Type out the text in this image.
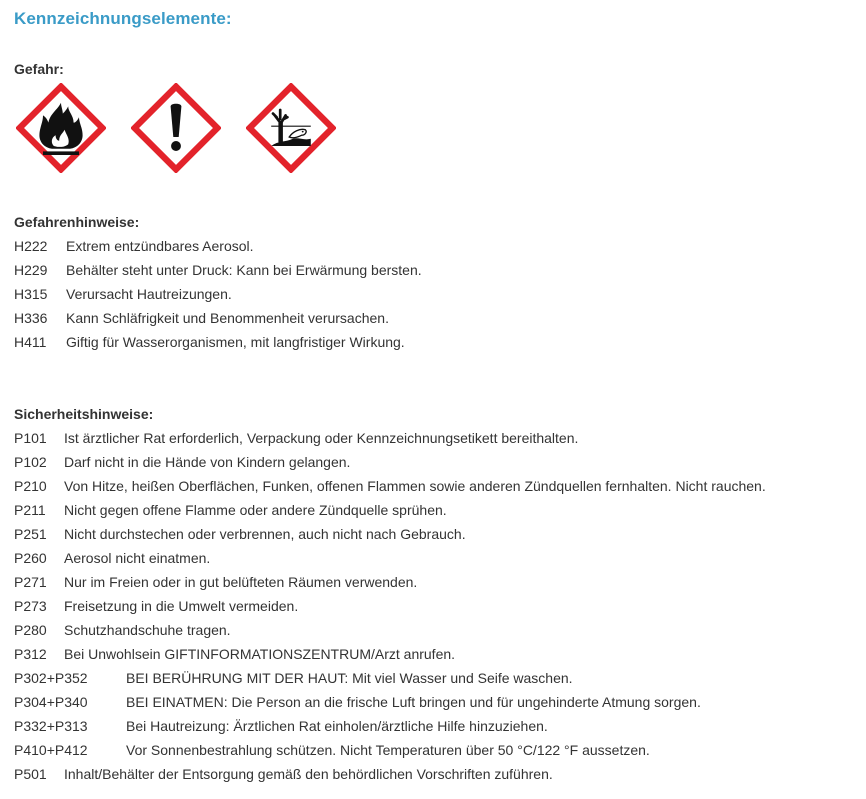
Kennzeichnungselemente:
Gefahr:
Gefahrenhinweise:
H222	Extrem entzündbares Aerosol.
H229	Behälter steht unter Druck: Kann bei Erwärmung bersten.
H315	Verursacht Hautreizungen.
H336	Kann Schläfrigkeit und Benommenheit verursachen.
H411	Giftig für Wasserorganismen, mit langfristiger Wirkung.
Sicherheitshinweise:
P101	Ist ärztlicher Rat erforderlich, Verpackung oder Kennzeichnungsetikett bereithalten.
P102	Darf nicht in die Hände von Kindern gelangen.
P210	Von Hitze, heißen Oberflächen, Funken, offenen Flammen sowie anderen Zündquellen fernhalten. Nicht rauchen.
P211	Nicht gegen offene Flamme oder andere Zündquelle sprühen.
P251	Nicht durchstechen oder verbrennen, auch nicht nach Gebrauch.
P260	Aerosol nicht einatmen.
P271	Nur im Freien oder in gut belüfteten Räumen verwenden.
P273	Freisetzung in die Umwelt vermeiden.
P280	Schutzhandschuhe tragen.
P312	Bei Unwohlsein GIFTINFORMATIONSZENTRUM/Arzt anrufen.
P302+P352	BEI BERÜHRUNG MIT DER HAUT: Mit viel Wasser und Seife waschen.
P304+P340	BEI EINATMEN: Die Person an die frische Luft bringen und für ungehinderte Atmung sorgen.
P332+P313	Bei Hautreizung: Ärztlichen Rat einholen/ärztliche Hilfe hinzuziehen.
P410+P412	Vor Sonnenbestrahlung schützen. Nicht Temperaturen über 50 °C/122 °F aussetzen.
P501	Inhalt/Behälter der Entsorgung gemäß den behördlichen Vorschriften zuführen.
